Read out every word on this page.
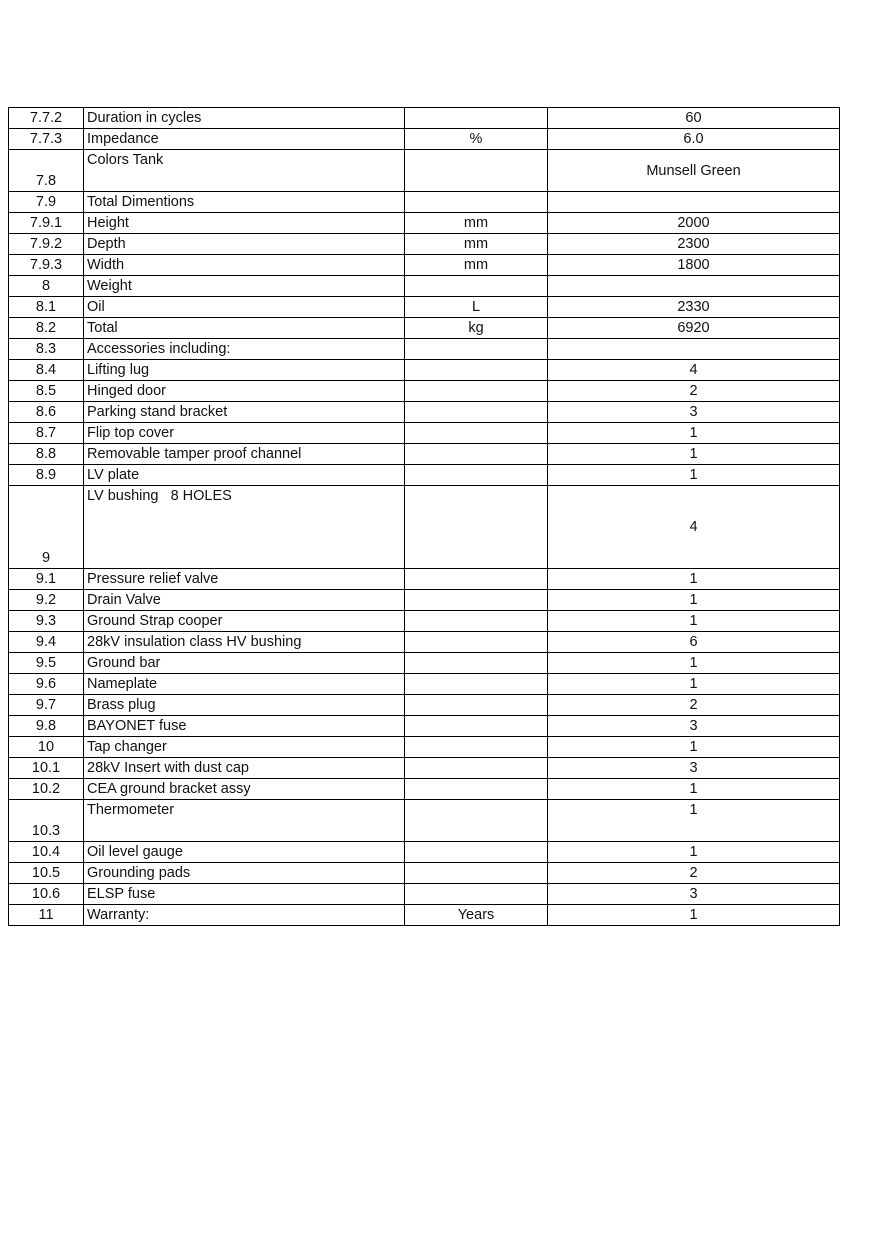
7.7.2	Duration in cycles		60
7.7.3	Impedance	%	6.0
7.8	Colors Tank		Munsell Green
7.9	Total Dimentions		
7.9.1	Height	mm	2000
7.9.2	Depth	mm	2300
7.9.3	Width	mm	1800
8	Weight		
8.1	Oil	L	2330
8.2	Total	kg	6920
8.3	Accessories including:		
8.4	Lifting lug		4
8.5	Hinged door		2
8.6	Parking stand bracket		3
8.7	Flip top cover		1
8.8	Removable tamper proof channel		1
8.9	LV plate		1
9	LV bushing   8 HOLES		4
9.1	Pressure relief valve		1
9.2	Drain Valve		1
9.3	Ground Strap cooper		1
9.4	28kV insulation class HV bushing		6
9.5	Ground bar		1
9.6	Nameplate		1
9.7	Brass plug		2
9.8	BAYONET fuse		3
10	Tap changer		1
10.1	28kV Insert with dust cap		3
10.2	CEA ground bracket assy		1
10.3	Thermometer		1
10.4	Oil level gauge		1
10.5	Grounding pads		2
10.6	ELSP fuse		3
11	Warranty:	Years	1
